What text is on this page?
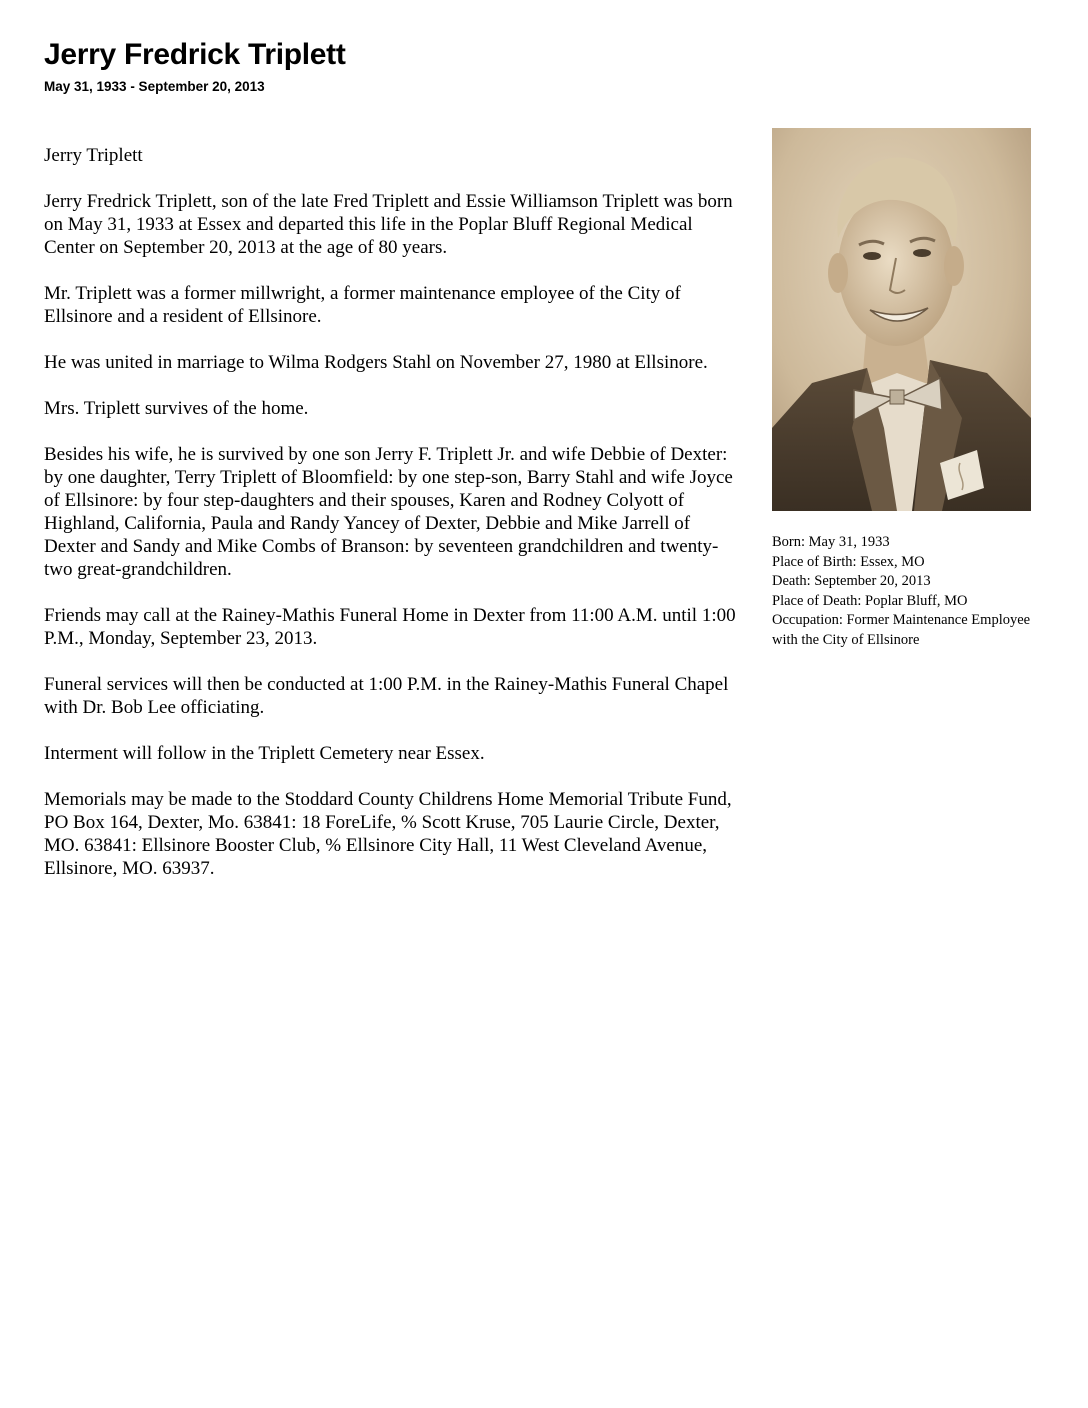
Jerry Fredrick Triplett
May 31, 1933 - September 20, 2013

Jerry Triplett

Jerry Fredrick Triplett, son of the late Fred Triplett and Essie Williamson Triplett was born on May 31, 1933 at Essex and departed this life in the Poplar Bluff Regional Medical Center on September 20, 2013 at the age of 80 years.

Mr. Triplett was a former millwright, a former maintenance employee of the City of Ellsinore and a resident of Ellsinore.

He was united in marriage to Wilma Rodgers Stahl on November 27, 1980 at Ellsinore.

Mrs. Triplett survives of the home.

Besides his wife, he is survived by one son Jerry F. Triplett Jr. and wife Debbie of Dexter: by one daughter, Terry Triplett of Bloomfield: by one step-son, Barry Stahl and wife Joyce of Ellsinore: by four step-daughters and their spouses, Karen and Rodney Colyott of Highland, California, Paula and Randy Yancey of Dexter, Debbie and Mike Jarrell of Dexter and Sandy and Mike Combs of Branson: by seventeen grandchildren and twenty-two great-grandchildren.

Friends may call at the Rainey-Mathis Funeral Home in Dexter from 11:00 A.M. until 1:00 P.M., Monday, September 23, 2013.

Funeral services will then be conducted at 1:00 P.M. in the Rainey-Mathis Funeral Chapel with Dr. Bob Lee officiating.

Interment will follow in the Triplett Cemetery near Essex.

Memorials may be made to the Stoddard County Childrens Home Memorial Tribute Fund, PO Box 164, Dexter, Mo. 63841: 18 ForeLife, % Scott Kruse, 705 Laurie Circle, Dexter, MO. 63841: Ellsinore Booster Club, % Ellsinore City Hall, 11 West Cleveland Avenue, Ellsinore, MO. 63937.

Born: May 31, 1933
Place of Birth: Essex, MO
Death: September 20, 2013
Place of Death: Poplar Bluff, MO
Occupation: Former Maintenance Employee with the City of Ellsinore
